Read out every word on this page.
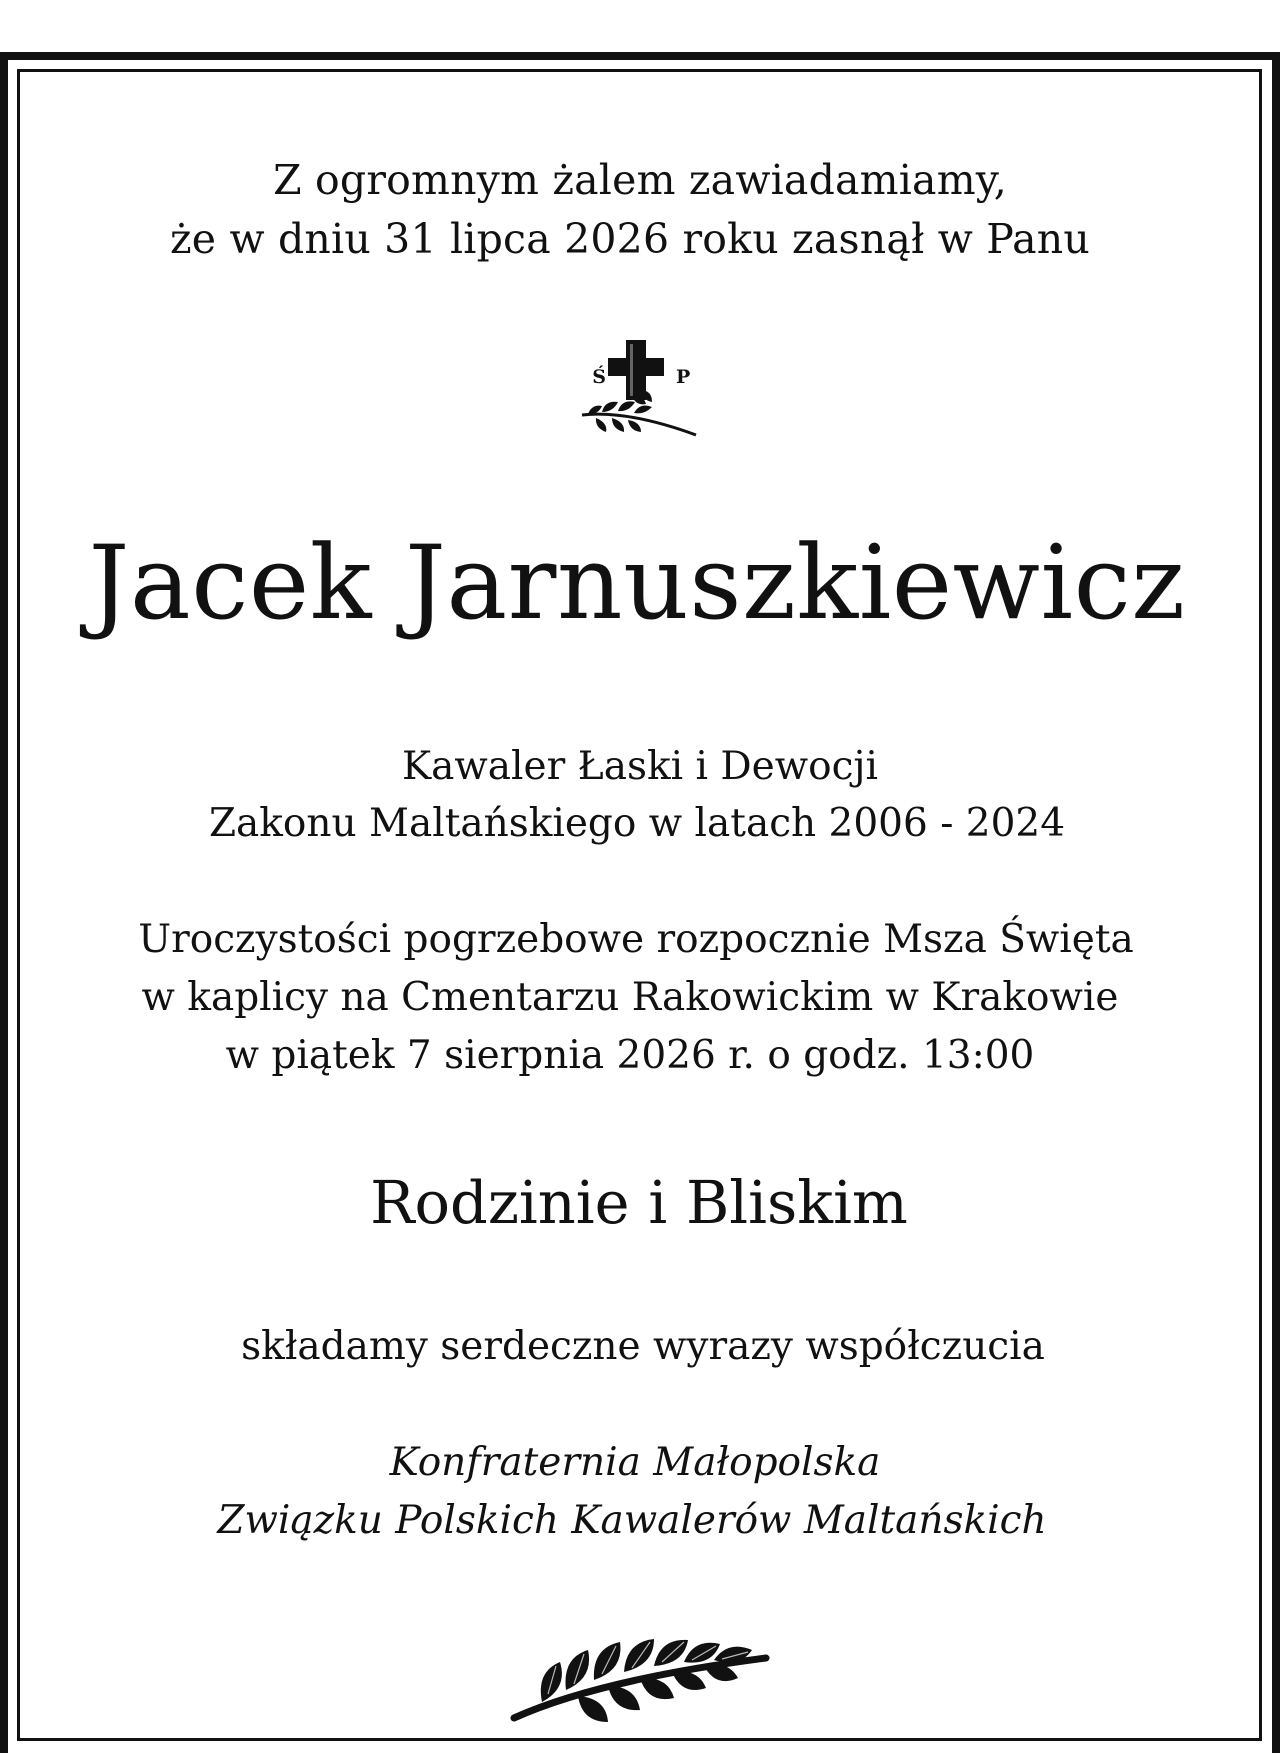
Z ogromnym żalem zawiadamiamy,
że w dniu 31 lipca 2026 roku zasnął w Panu
Ś	P
Jacek Jarnuszkiewicz
Kawaler Łaski i Dewocji
Zakonu Maltańskiego w latach 2006 - 2024
Uroczystości pogrzebowe rozpocznie Msza Święta
w kaplicy na Cmentarzu Rakowickim w Krakowie
w piątek 7 sierpnia 2026 r. o godz. 13:00
Rodzinie i Bliskim
składamy serdeczne wyrazy współczucia
Konfraternia Małopolska
Związku Polskich Kawalerów Maltańskich
